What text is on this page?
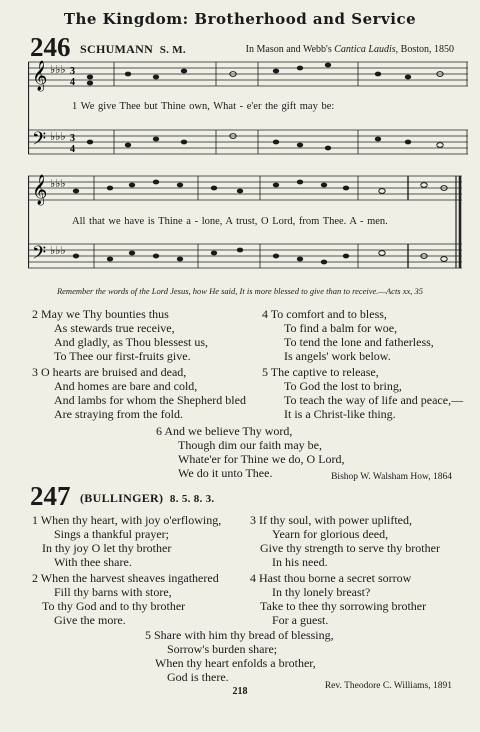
The Kingdom: Brotherhood and Service
246 SCHUMANN S. M.	In Mason and Webb's Cantica Laudis, Boston, 1850
𝄞
𝄢
♭♭♭
♭♭♭
3
4
3
4
1 We give Thee but Thine own, What - e'er the gift may be:
𝄞
𝄢
♭♭♭
♭♭♭
All that we have is Thine a - lone, A trust, O Lord, from Thee. A - men.
Remember the words of the Lord Jesus, how He said, It is more blessed to give than to receive.—Acts xx, 35
2 May we Thy bounties thus
As stewards true receive,
And gladly, as Thou blessest us,
To Thee our first-fruits give.
4 To comfort and to bless,
To find a balm for woe,
To tend the lone and fatherless,
Is angels' work below.
3 O hearts are bruised and dead,
And homes are bare and cold,
And lambs for whom the Shepherd bled
Are straying from the fold.
5 The captive to release,
To God the lost to bring,
To teach the way of life and peace,—
It is a Christ-like thing.
6 And we believe Thy word,
Though dim our faith may be,
Whate'er for Thine we do, O Lord,
We do it unto Thee.	Bishop W. Walsham How, 1864
247 (BULLINGER) 8. 5. 8. 3.
1 When thy heart, with joy o'erflowing,
Sings a thankful prayer;
In thy joy O let thy brother
With thee share.
3 If thy soul, with power uplifted,
Yearn for glorious deed,
Give thy strength to serve thy brother
In his need.
2 When the harvest sheaves ingathered
Fill thy barns with store,
To thy God and to thy brother
Give the more.
4 Hast thou borne a secret sorrow
In thy lonely breast?
Take to thee thy sorrowing brother
For a guest.
5 Share with him thy bread of blessing,
Sorrow's burden share;
When thy heart enfolds a brother,
God is there.
218	Rev. Theodore C. Williams, 1891
